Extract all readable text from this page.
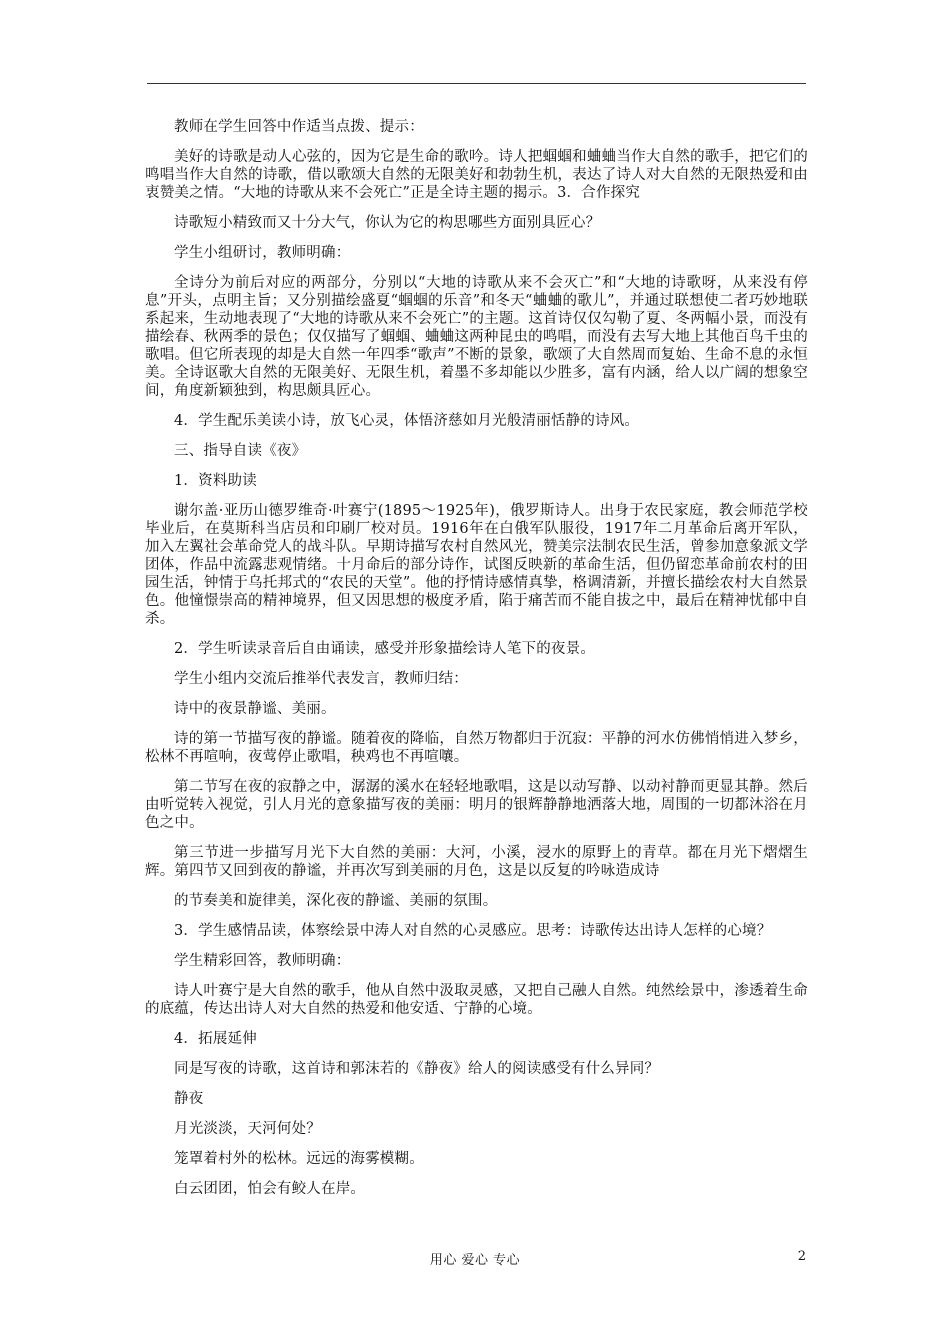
教师在学生回答中作适当点拨、提示：

美好的诗歌是动人心弦的，因为它是生命的歌吟。诗人把蝈蝈和蛐蛐当作大自然的歌手，把它们的鸣唱当作大自然的诗歌，借以歌颂大自然的无限美好和勃勃生机，表达了诗人对大自然的无限热爱和由衷赞美之情。“大地的诗歌从来不会死亡”正是全诗主题的揭示。3．合作探究

诗歌短小精致而又十分大气，你认为它的构思哪些方面别具匠心？

学生小组研讨，教师明确：

全诗分为前后对应的两部分，分别以“大地的诗歌从来不会灭亡”和“大地的诗歌呀，从来没有停息”开头，点明主旨；又分别描绘盛夏“蝈蝈的乐音”和冬天“蛐蛐的歌儿”，并通过联想使二者巧妙地联系起来，生动地表现了“大地的诗歌从来不会死亡”的主题。这首诗仅仅勾勒了夏、冬两幅小景，而没有描绘春、秋两季的景色；仅仅描写了蝈蝈、蛐蛐这两种昆虫的鸣唱，而没有去写大地上其他百鸟千虫的歌唱。但它所表现的却是大自然一年四季“歌声”不断的景象，歌颂了大自然周而复始、生命不息的永恒美。全诗讴歌大自然的无限美好、无限生机，着墨不多却能以少胜多，富有内涵，给人以广阔的想象空间，角度新颖独到，构思颇具匠心。

4．学生配乐美读小诗，放飞心灵，体悟济慈如月光般清丽恬静的诗风。

三、指导自读《夜》

1．资料助读

谢尔盖·亚历山德罗维奇·叶赛宁(1895～1925年)，俄罗斯诗人。出身于农民家庭，教会师范学校毕业后，在莫斯科当店员和印刷厂校对员。1916年在白俄军队服役，1917年二月革命后离开军队，加入左翼社会革命党人的战斗队。早期诗描写农村自然风光，赞美宗法制农民生活，曾参加意象派文学团体，作品中流露悲观情绪。十月命后的部分诗作，试图反映新的革命生活，但仍留恋革命前农村的田园生活，钟情于乌托邦式的“农民的天堂”。他的抒情诗感情真挚，格调清新，并擅长描绘农村大自然景色。他憧憬崇高的精神境界，但又因思想的极度矛盾，陷于痛苦而不能自拔之中，最后在精神忧郁中自杀。

2．学生听读录音后自由诵读，感受并形象描绘诗人笔下的夜景。

学生小组内交流后推举代表发言，教师归结：

诗中的夜景静谧、美丽。

诗的第一节描写夜的静谧。随着夜的降临，自然万物都归于沉寂：平静的河水仿佛悄悄进入梦乡，松林不再喧响，夜莺停止歌唱，秧鸡也不再喧嚷。

第二节写在夜的寂静之中，潺潺的溪水在轻轻地歌唱，这是以动写静、以动衬静而更显其静。然后由听觉转入视觉，引人月光的意象描写夜的美丽：明月的银辉静静地洒落大地，周围的一切都沐浴在月色之中。

第三节进一步描写月光下大自然的美丽：大河，小溪，浸水的原野上的青草。都在月光下熠熠生辉。第四节又回到夜的静谧，并再次写到美丽的月色，这是以反复的吟咏造成诗

的节奏美和旋律美，深化夜的静谧、美丽的氛围。

3．学生感情品读，体察绘景中涛人对自然的心灵感应。思考：诗歌传达出诗人怎样的心境？

学生精彩回答，教师明确：

诗人叶赛宁是大自然的歌手，他从自然中汲取灵感，又把自己融人自然。纯然绘景中，渗透着生命的底蕴，传达出诗人对大自然的热爱和他安适、宁静的心境。

4．拓展延伸

同是写夜的诗歌，这首诗和郭沫若的《静夜》给人的阅读感受有什么异同？

静夜

月光淡淡，天河何处？

笼罩着村外的松林。远远的海雾模糊。

白云团团，怕会有鲛人在岸。

用心 爱心 专心	2
